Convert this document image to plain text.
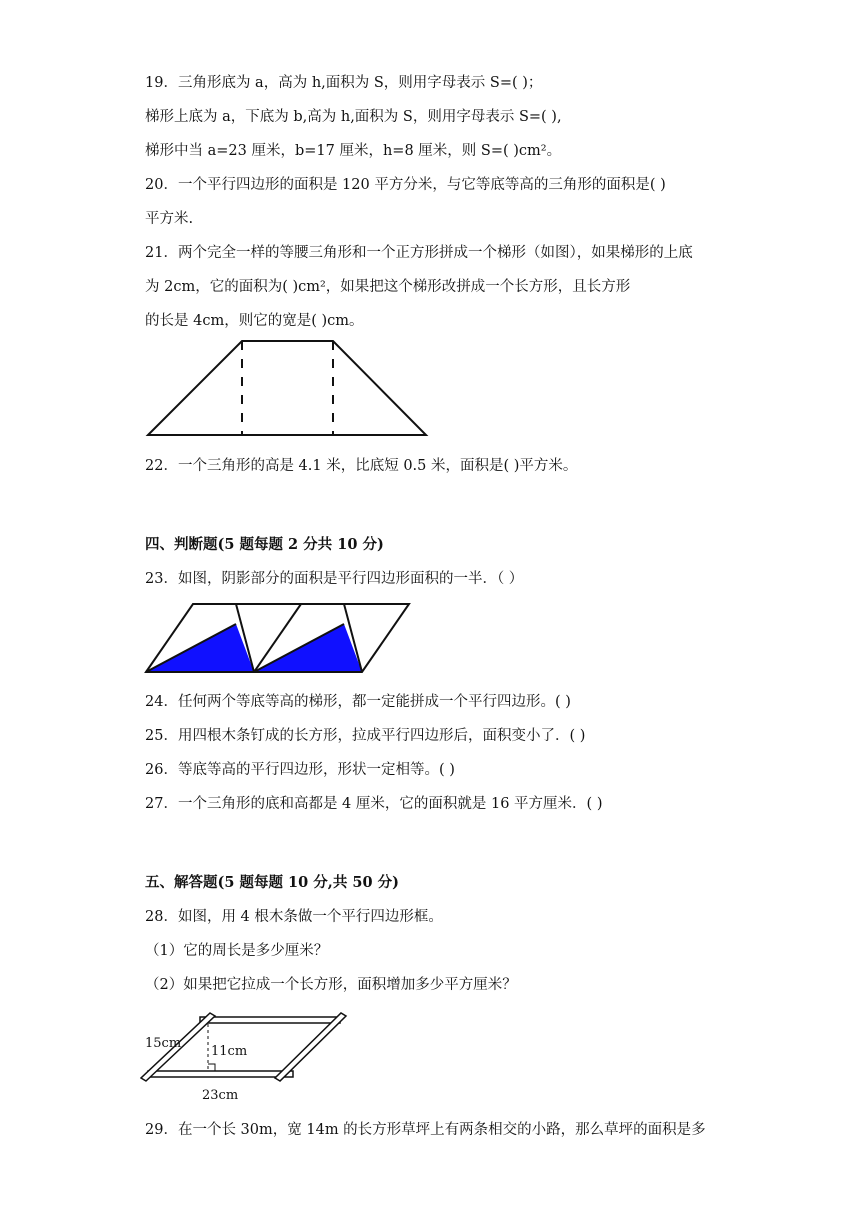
19．三角形底为 a，高为 h,面积为 S，则用字母表示 S=( )；
梯形上底为 a，下底为 b,高为 h,面积为 S，则用字母表示 S=( ),
梯形中当 a=23 厘米，b=17 厘米，h=8 厘米，则 S=( )cm²。
20．一个平行四边形的面积是 120 平方分米，与它等底等高的三角形的面积是( )
平方米.
21．两个完全一样的等腰三角形和一个正方形拼成一个梯形（如图），如果梯形的上底
为 2cm，它的面积为( )cm²，如果把这个梯形改拼成一个长方形，且长方形
的长是 4cm，则它的宽是( )cm。
22．一个三角形的高是 4.1 米，比底短 0.5 米，面积是( )平方米。
四、判断题(5 题每题 2 分共 10 分)
23．如图，阴影部分的面积是平行四边形面积的一半．（ ）
24．任何两个等底等高的梯形，都一定能拼成一个平行四边形。( )
25．用四根木条钉成的长方形，拉成平行四边形后，面积变小了．( )
26．等底等高的平行四边形，形状一定相等。( )
27．一个三角形的底和高都是 4 厘米，它的面积就是 16 平方厘米．( )
五、解答题(5 题每题 10 分,共 50 分)
28．如图，用 4 根木条做一个平行四边形框。
（1）它的周长是多少厘米？
（2）如果把它拉成一个长方形，面积增加多少平方厘米？
15cm
11cm
23cm
29．在一个长 30m，宽 14m 的长方形草坪上有两条相交的小路，那么草坪的面积是多
